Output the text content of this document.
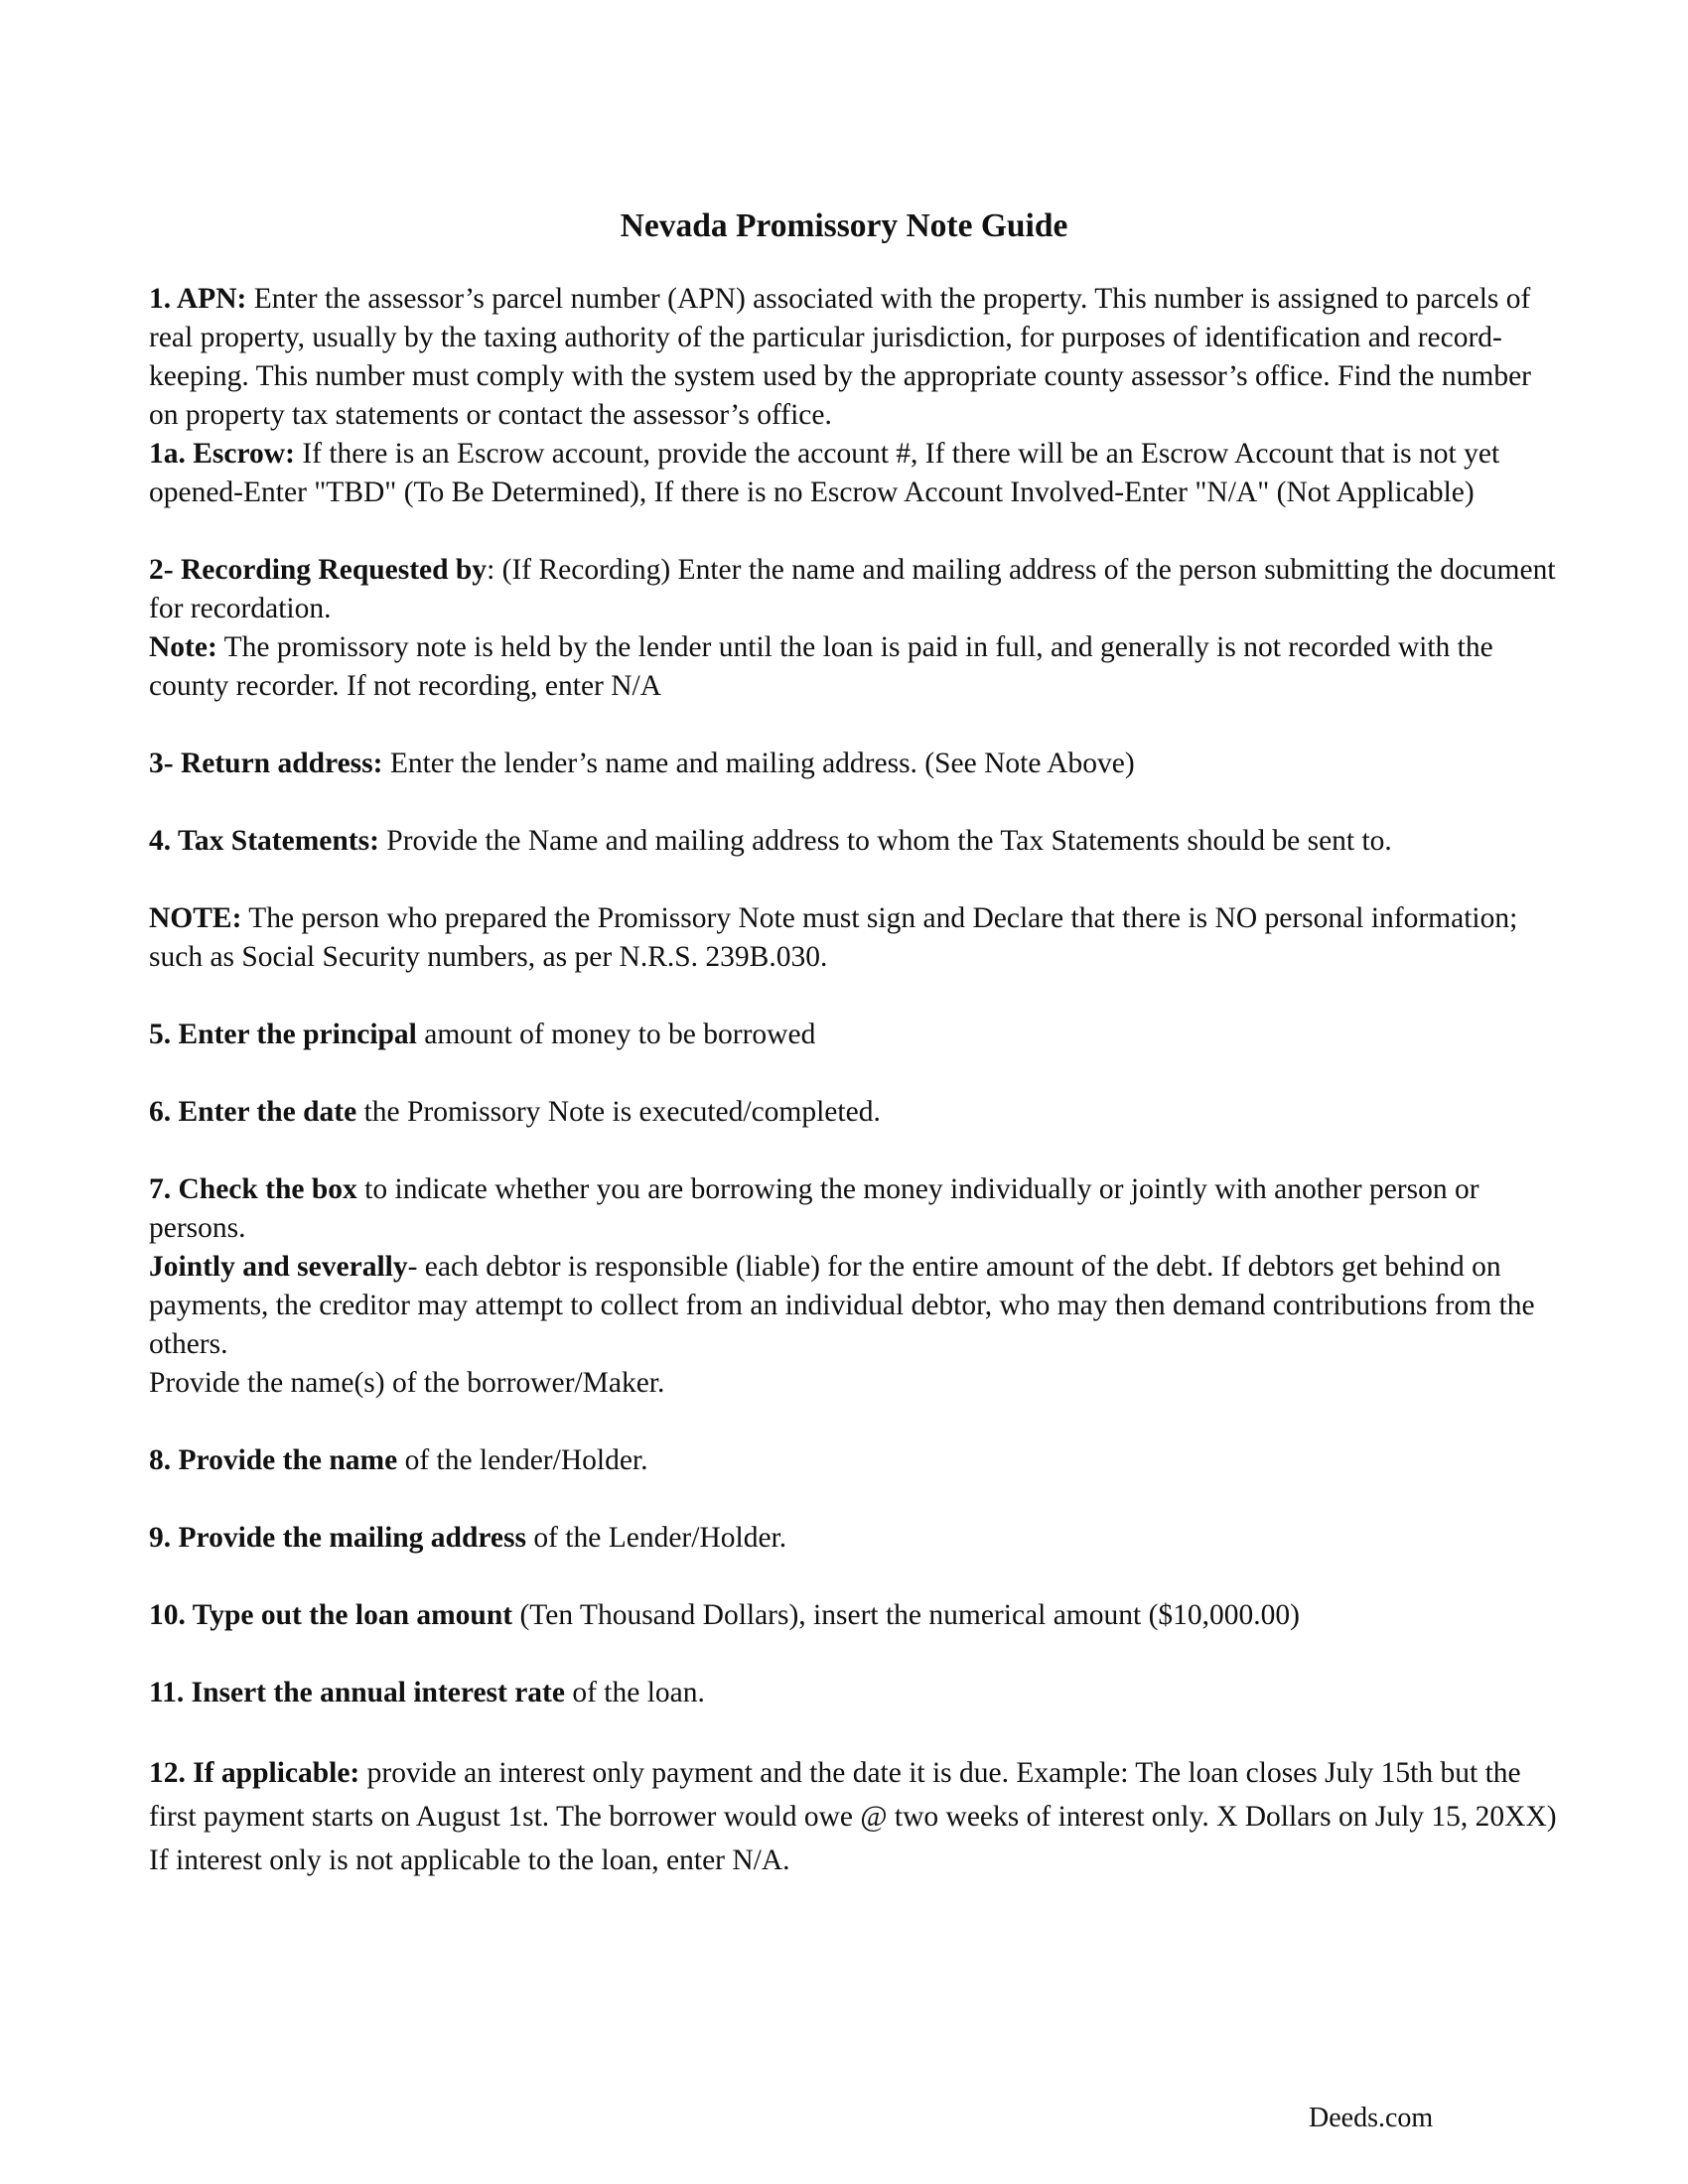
Nevada Promissory Note Guide

1. APN: Enter the assessor’s parcel number (APN) associated with the property. This number is assigned to parcels of real property, usually by the taxing authority of the particular jurisdiction, for purposes of identification and record-keeping. This number must comply with the system used by the appropriate county assessor’s office. Find the number on property tax statements or contact the assessor’s office.

1a. Escrow: If there is an Escrow account, provide the account #, If there will be an Escrow Account that is not yet opened-Enter "TBD" (To Be Determined), If there is no Escrow Account Involved-Enter "N/A" (Not Applicable)

2- Recording Requested by: (If Recording) Enter the name and mailing address of the person submitting the document for recordation.

Note: The promissory note is held by the lender until the loan is paid in full, and generally is not recorded with the county recorder. If not recording, enter N/A

3- Return address: Enter the lender’s name and mailing address. (See Note Above)

4. Tax Statements: Provide the Name and mailing address to whom the Tax Statements should be sent to.

NOTE: The person who prepared the Promissory Note must sign and Declare that there is NO personal information; such as Social Security numbers, as per N.R.S. 239B.030.

5. Enter the principal amount of money to be borrowed

6. Enter the date the Promissory Note is executed/completed.

7. Check the box to indicate whether you are borrowing the money individually or jointly with another person or persons.

Jointly and severally- each debtor is responsible (liable) for the entire amount of the debt. If debtors get behind on payments, the creditor may attempt to collect from an individual debtor, who may then demand contributions from the others.

Provide the name(s) of the borrower/Maker.

8. Provide the name of the lender/Holder.

9. Provide the mailing address of the Lender/Holder.

10. Type out the loan amount (Ten Thousand Dollars), insert the numerical amount ($10,000.00)

11. Insert the annual interest rate of the loan.

12. If applicable: provide an interest only payment and the date it is due. Example: The loan closes July 15th but the first payment starts on August 1st. The borrower would owe @ two weeks of interest only. X Dollars on July 15, 20XX) If interest only is not applicable to the loan, enter N/A.

Deeds.com
